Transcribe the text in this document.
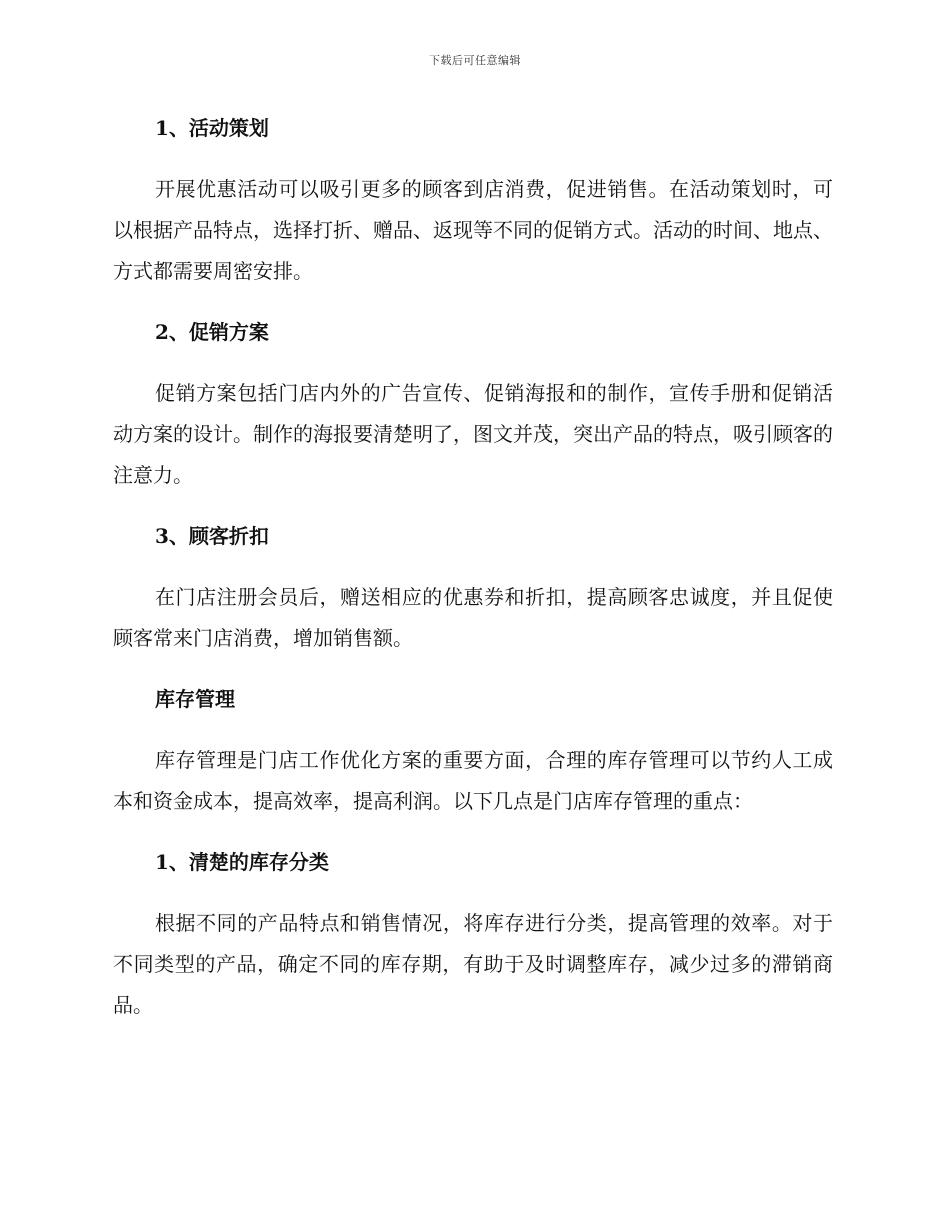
下载后可任意编辑
1、活动策划

开展优惠活动可以吸引更多的顾客到店消费，促进销售。在活动策划时，可以根据产品特点，选择打折、赠品、返现等不同的促销方式。活动的时间、地点、方式都需要周密安排。

2、促销方案

促销方案包括门店内外的广告宣传、促销海报和的制作，宣传手册和促销活动方案的设计。制作的海报要清楚明了，图文并茂，突出产品的特点，吸引顾客的注意力。

3、顾客折扣

在门店注册会员后，赠送相应的优惠券和折扣，提高顾客忠诚度，并且促使顾客常来门店消费，增加销售额。

库存管理

库存管理是门店工作优化方案的重要方面，合理的库存管理可以节约人工成本和资金成本，提高效率，提高利润。以下几点是门店库存管理的重点：

1、清楚的库存分类

根据不同的产品特点和销售情况，将库存进行分类，提高管理的效率。对于不同类型的产品，确定不同的库存期，有助于及时调整库存，减少过多的滞销商品。
